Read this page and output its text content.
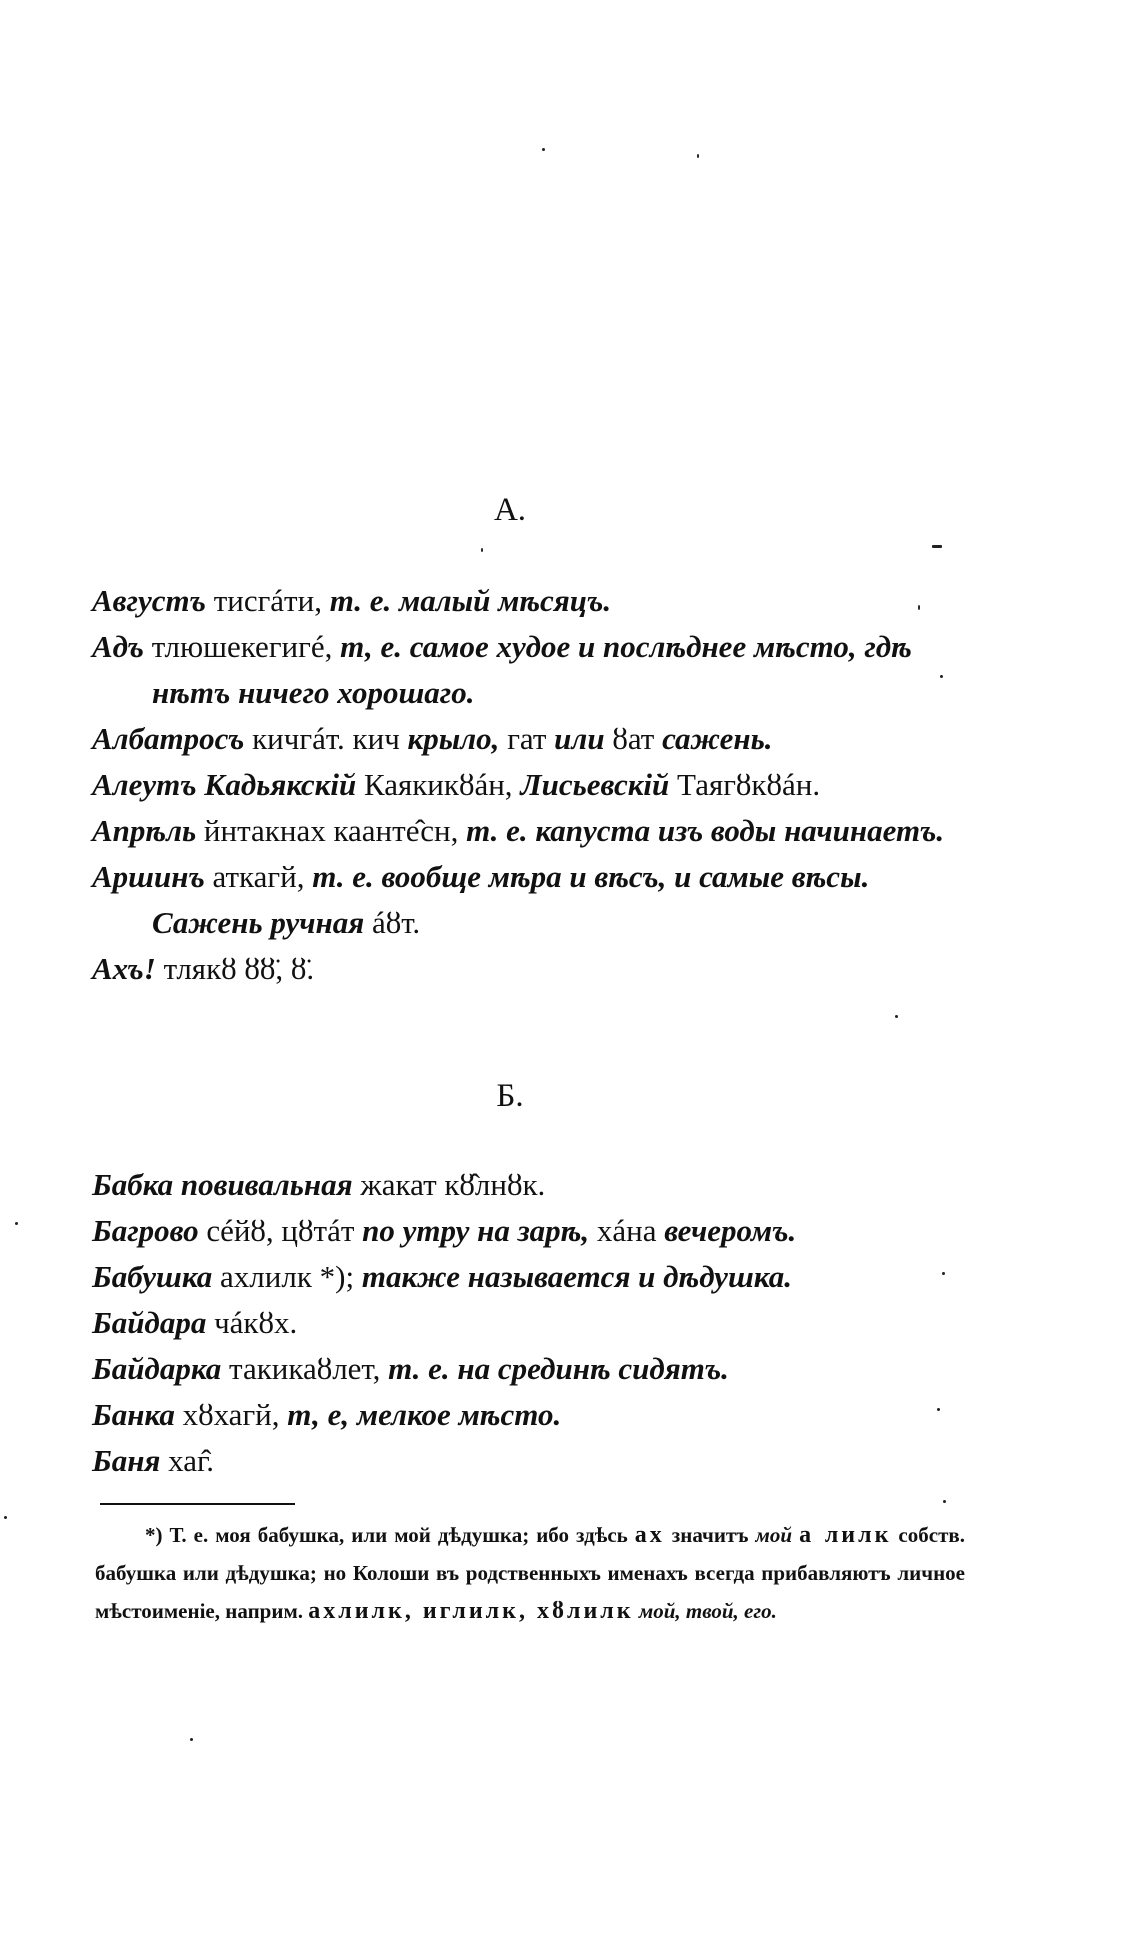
А.

Августъ тисгáти, т. е. малый мѣсяцъ.

Адъ тлюшекегигé, т, е. самое худое и послѣднее мѣсто, гдѣ нѣтъ ничего хорошаго.

Албатросъ кичгáт. кич крыло, гат или ȣат сажень.

Алеутъ Кадьякскій Каякикȣáн, Лисьевскій Таягȣкȣáн.

Апрѣль йнтакнах каанте̂сн, т. е. капуста изъ воды начинаетъ.

Аршинъ аткагй, т. е. вообще мѣра и вѣсъ, и самые вѣсы. Сажень ручная áȣт.

Ахъ! тлякȣ ȣ̈ȣ̈, ȣ̈.

Б.

Бабка повивальная жакат кȣ̂лнȣк.

Багрово сéйȣ, цȣтáт по утру на зарѣ, хáна вечеромъ.

Бабушка ахлилк *); также называется и дѣдушка.

Байдара чáкȣх.

Байдарка такикаȣлет, т. е. на срединѣ сидятъ.

Банка хȣхагй, т, е, мелкое мѣсто.

Баня хаг̂.

*) Т. е. моя бабушка, или мой дѣдушка; ибо здѣсь ах значитъ мой а лилк собств. бабушка или дѣдушка; но Колоши въ родственныхъ именахъ всегда прибавляютъ личное мѣстоименіе, наприм. ахлилк, иглилк, хȣлилк мой, твой, его.
